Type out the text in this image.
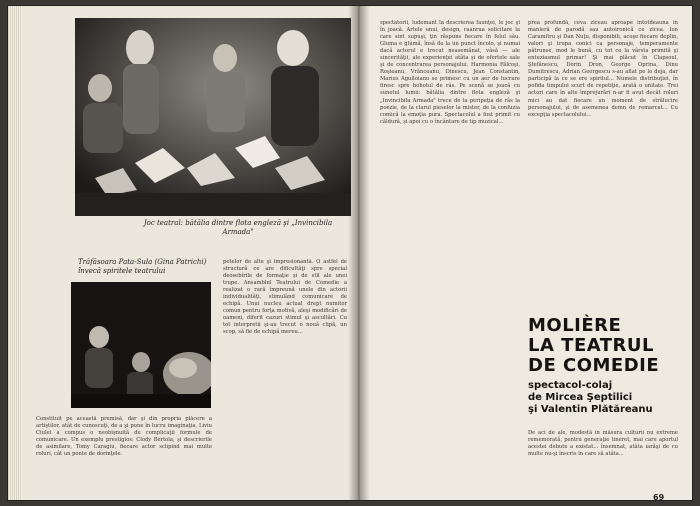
Joc teatral: bătălia dintre flota engleză şi „Invincibila Armada"
Trăfăsoara Pata-Sula (Gina Patrichi) învecă spiritele teatrului
Constituit pe această premisă, dar şi din propria plăcere a artiştilor, atât de cunoscuţi, de a şi pune în lucru imaginaţia, Liviu Ciulei a compus o neobişnuită de complicaţii formule de comunicare. Un exemplu prestigios: Clody Bertola, şi descrierile de asimilare, Tomy Caragiu, fiecare actor sclipind mai multe roluri, cât un ponte de dorinţele.
petelor de alte şi impresionantă. O astfel de structură ce are dificultăţi spre special deosebirile de formaţie şi de stil ale unei trupe. Ansamblul Teatrului de Comedie a realizat o rară împreună unele din actorii individualităţi, stimulând comunicare de echipă. Unui nucleu actual drept numitor comun pentru forţa motivă, aleşi modificări de oameni, diferit cazuri stimul şi ascultări. Cu tot interpretii şi-au trecut o nouă clipă, un scop, să fie de echipă mereu...
spectatorii, ludemant la descrierea faunţei, le joc şi în joacă. Artele unui, design, raanrua solicitare la care sint supuşi, ţin răspuns fiecare în felul său. Gluma e glumă, însă de la un punct încolo, şi numai dacă actorul e trecut neasemănat, vâsă — ale sincerităţii, ale experienţei atâta şi de ofertele sale şi de concentrarea personajului. Harmonia Fălcoşi, Roşieanu, Vrănceanu, Dinescu, Jean Constantin, Marius Aguiloianu se primesc cu un aer de lucrare firesc spre hohotul de râs. Pe scenă se joacă cu sunetul lumii: bătălia dintre flota engleză şi „Invincibila Armada" trece de la peripeţia de râs la poezie, de la clarul pieselor la mister, de la confuzia comică la emoţia pura. Spectacolul a fost primit cu căldură, și apoi cu o încântare de tip muzical...
prea profundă, ceva ziceau aproape întotdeauna în manieră de parodă sau autoironică ce zicea. Ion Caramitru şi Dan Nuţu, disponibili, acoşe fiecare deplin, valori şi trupa conici ca personaje, temperamente pătrunse, mod le bună, cu tot ce la vârsta primită şi entuziasmul primar! Şi mai plăcut în Clapsoul, Ştefănescu, Dorin Dron, George Oprina, Dinu Dumitrescu, Adrian Georgescu s-au aflat pe lo deja, dar participă la ce se ere spiritul... Numele distribuţiei, în pofida timpului scurt de repetiţie, arată o unitate. Trei actori care în alte împrejurări n-ar fi avut decât roluri mici au dat fiecare un moment de strălucire personajului, şi de asemenea demn de remarcat... Cu excepţia spectacolului...
MOLIÈRE
LA TEATRUL
DE COMEDIE
spectacol-colaj
de Mircea Şeptilici
şi Valentin Plătăreanu
De aci de ale, modestă în măsura culturii nu extreme rememorată, pentru generaţie tineret, mai care aportul acestei debute a existat... însemnat, atâta iarăşi de cu multe nu-şi înscris în care să atâta...
69
